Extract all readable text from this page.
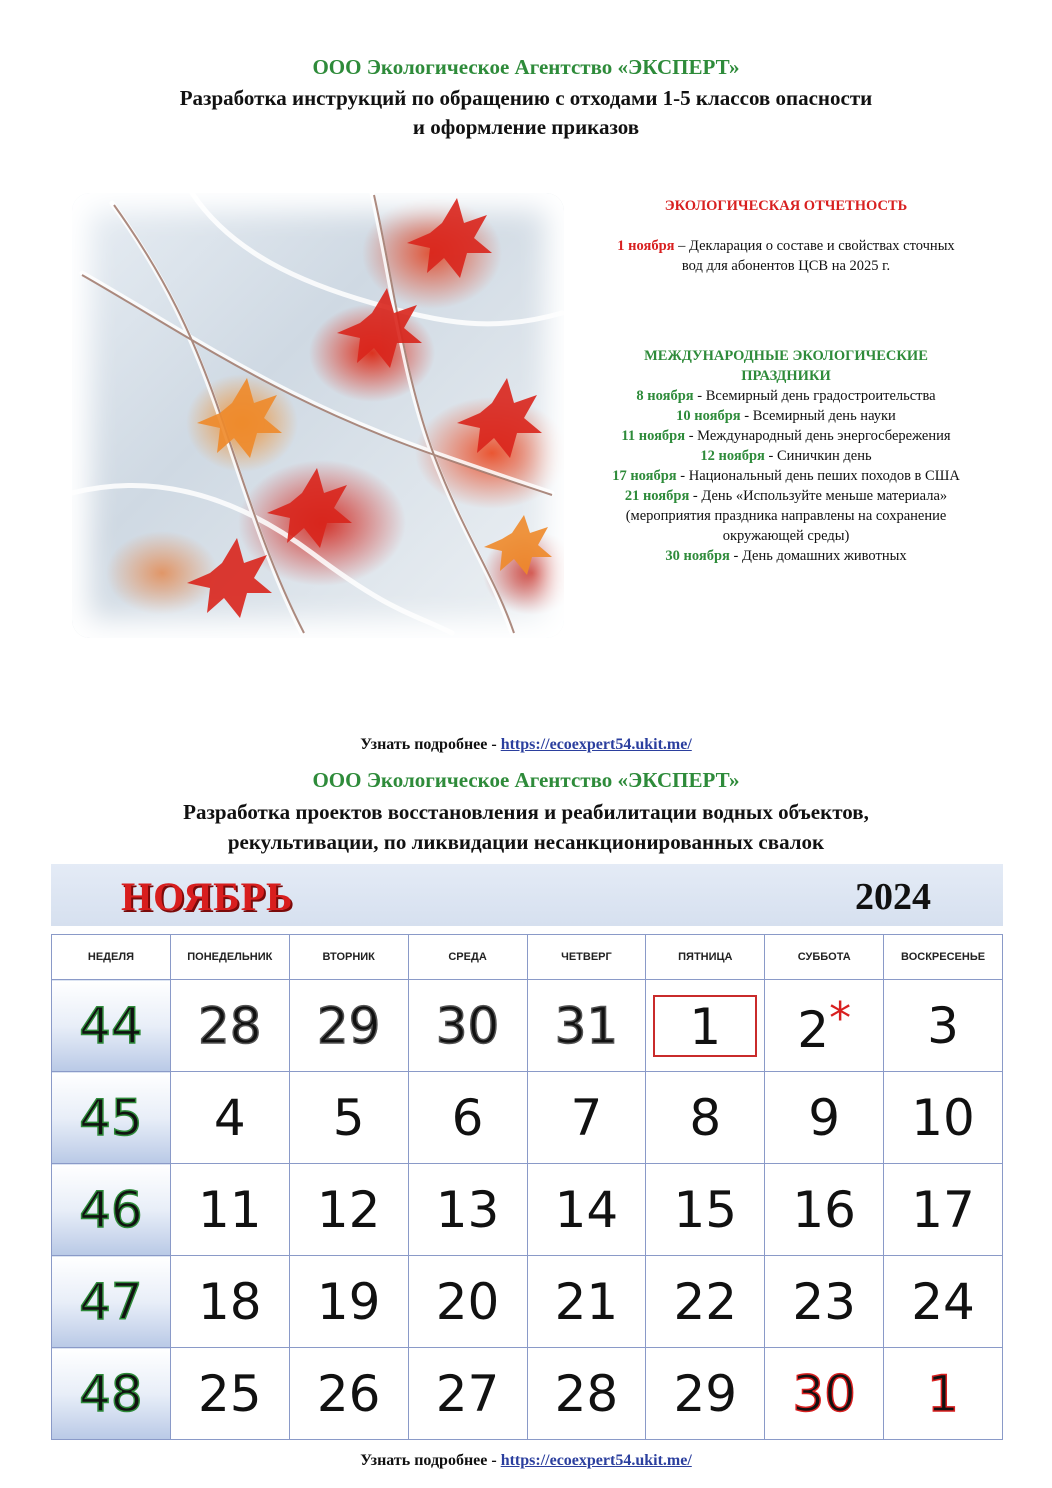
ООО Экологическое Агентство «ЭКСПЕРТ»
Разработка инструкций по обращению с отходами 1-5 классов опасности
и оформление приказов
ЭКОЛОГИЧЕСКАЯ ОТЧЕТНОСТЬ
1 ноября – Декларация о составе и свойствах сточных
вод для абонентов ЦСВ на 2025 г.
МЕЖДУНАРОДНЫЕ ЭКОЛОГИЧЕСКИЕ
ПРАЗДНИКИ
8 ноября - Всемирный день градостроительства
10 ноября - Всемирный день науки
11 ноября - Международный день энергосбережения
12 ноября - Синичкин день
17 ноября - Национальный день пеших походов в США
21 ноября - День «Используйте меньше материала»
(мероприятия праздника направлены на сохранение
окружающей среды)
30 ноября - День домашних животных
Узнать подробнее - https://ecoexpert54.ukit.me/
ООО Экологическое Агентство «ЭКСПЕРТ»
Разработка проектов восстановления и реабилитации водных объектов,
рекультивации, по ликвидации несанкционированных свалок
НОЯБРЬ	2024
НЕДЕЛЯ	ПОНЕДЕЛЬНИК	ВТОРНИК	СРЕДА	ЧЕТВЕРГ	ПЯТНИЦА	СУББОТА	ВОСКРЕСЕНЬЕ
44	28	29	30	31	1	2*	3
45	4	5	6	7	8	9	10
46	11	12	13	14	15	16	17
47	18	19	20	21	22	23	24
48	25	26	27	28	29	30	1
Узнать подробнее - https://ecoexpert54.ukit.me/
